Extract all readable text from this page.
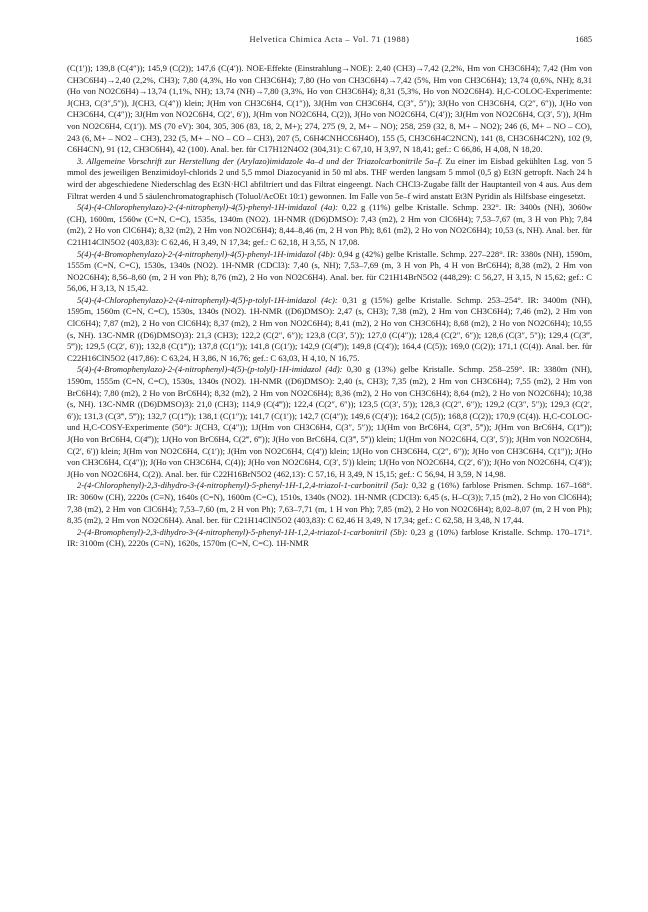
Helvetica Chimica Acta – Vol. 71 (1988)	1685

(C(1′)); 139,8 (C(4″)); 145,9 (C(2)); 147,6 (C(4′)). NOE-Effekte (Einstrahlung→NOE): 2,40 (CH3)→7,42 (2,2%, Hm von CH3C6H4); 7,42 (Hm von CH3C6H4)→2,40 (2,2%, CH3); 7,80 (4,3%, Ho von CH3C6H4); 7,80 (Ho von CH3C6H4)→7,42 (5%, Hm von CH3C6H4); 13,74 (0,6%, NH); 8,31 (Ho von NO2C6H4)→13,74 (1,1%, NH); 13,74 (NH)→7,80 (3,3%, Ho von CH3C6H4); 8,31 (5,3%, Ho von NO2C6H4). H,C-COLOC-Experimente: J(CH3, C(3″,5″)), J(CH3, C(4″)) klein; J(Hm von CH3C6H4, C(1″)), 3J(Hm von CH3C6H4, C(3″, 5″)); 3J(Ho von CH3C6H4, C(2″, 6″)), J(Ho von CH3C6H4, C(4″)); 3J(Hm von NO2C6H4, C(2′, 6′)), J(Hm von NO2C6H4, C(2)), J(Ho von NO2C6H4, C(4′)); 3J(Hm von NO2C6H4, C(3′, 5′)), J(Hm von NO2C6H4, C(1′)). MS (70 eV): 304, 305, 306 (83, 18, 2, M+); 274, 275 (9, 2, M+ – NO); 258, 259 (32, 8, M+ – NO2); 246 (6, M+ – NO – CO), 243 (6, M+ – NO2 – CH3), 232 (5, M+ – NO – CO – CH3), 207 (5, C6H4CNHCC6H4O), 155 (5, CH3C6H4C2NCN), 141 (8, CH3C6H4C2N), 102 (9, C6H4CN), 91 (12, CH3C6H4), 42 (100). Anal. ber. für C17H12N4O2 (304,31): C 67,10, H 3,97, N 18,41; gef.: C 66,86, H 4,08, N 18,20.

3. Allgemeine Vorschrift zur Herstellung der (Arylazo)imidazole 4a–d und der Triazolcarbonitrile 5a–f. Zu einer im Eisbad gekühlten Lsg. von 5 mmol des jeweiligen Benzimidoyl-chlorids 2 und 5,5 mmol Diazocyanid in 50 ml abs. THF werden langsam 5 mmol (0,5 g) Et3N getropft. Nach 24 h wird der abgeschiedene Niederschlag des Et3N·HCl abfiltriert und das Filtrat eingeengt. Nach CHCl3-Zugabe fällt der Hauptanteil von 4 aus. Aus dem Filtrat werden 4 und 5 säulenchromatographisch (Toluol/AcOEt 10:1) gewonnen. Im Falle von 5e–f wird anstatt Et3N Pyridin als Hilfsbase eingesetzt.

5(4)-(4-Chlorophenylazo)-2-(4-nitrophenyl)-4(5)-phenyl-1H-imidazol (4a): 0,22 g (11%) gelbe Kristalle. Schmp. 232°. IR: 3400s (NH), 3060w (CH), 1600m, 1560w (C=N, C=C), 1535s, 1340m (NO2). 1H-NMR ((D6)DMSO): 7,43 (m2), 2 Hm von ClC6H4); 7,53–7,67 (m, 3 H von Ph); 7,84 (m2), 2 Ho von ClC6H4); 8,32 (m2), 2 Hm von NO2C6H4); 8,44–8,46 (m, 2 H von Ph); 8,61 (m2), 2 Ho von NO2C6H4); 10,53 (s, NH). Anal. ber. für C21H14ClN5O2 (403,83): C 62,46, H 3,49, N 17,34; gef.: C 62,18, H 3,55, N 17,08.

5(4)-(4-Bromophenylazo)-2-(4-nitrophenyl)-4(5)-phenyl-1H-imidazol (4b): 0,94 g (42%) gelbe Kristalle. Schmp. 227–228°. IR: 3380s (NH), 1590m, 1555m (C=N, C=C), 1530s, 1340s (NO2). 1H-NMR (CDCl3): 7,40 (s, NH); 7,53–7,69 (m, 3 H von Ph, 4 H von BrC6H4); 8,38 (m2), 2 Hm von NO2C6H4); 8,56–8,60 (m, 2 H von Ph); 8,76 (m2), 2 Ho von NO2C6H4). Anal. ber. für C21H14BrN5O2 (448,29): C 56,27, H 3,15, N 15,62; gef.: C 56,06, H 3,13, N 15,42.

5(4)-(4-Chlorophenylazo)-2-(4-nitrophenyl)-4(5)-p-tolyl-1H-imidazol (4c): 0,31 g (15%) gelbe Kristalle. Schmp. 253–254°. IR: 3400m (NH), 1595m, 1560m (C=N, C=C), 1530s, 1340s (NO2). 1H-NMR ((D6)DMSO): 2,47 (s, CH3); 7,38 (m2), 2 Hm von CH3C6H4); 7,46 (m2), 2 Hm von ClC6H4); 7,87 (m2), 2 Ho von ClC6H4); 8,37 (m2), 2 Hm von NO2C6H4); 8,41 (m2), 2 Ho von CH3C6H4); 8,68 (m2), 2 Ho von NO2C6H4); 10,55 (s, NH). 13C-NMR ((D6)DMSO)3): 21,3 (CH3); 122,2 (C(2″, 6″)); 123,8 (C(3′, 5′)); 127,0 (C(4″)); 128,4 (C(2″, 6″)); 128,6 (C(3″, 5″)); 129,4 (C(3‴, 5‴)); 129,5 (C(2′, 6′)); 132,8 (C(1‴)); 137,8 (C(1″)); 141,8 (C(1′)); 142,9 (C(4‴)); 149,8 (C(4′)); 164,4 (C(5)); 169,0 (C(2)); 171,1 (C(4)). Anal. ber. für C22H16ClN5O2 (417,86): C 63,24, H 3,86, N 16,76; gef.: C 63,03, H 4,10, N 16,75.

5(4)-(4-Bromophenylazo)-2-(4-nitrophenyl)-4(5)-(p-tolyl)-1H-imidazol (4d): 0,30 g (13%) gelbe Kristalle. Schmp. 258–259°. IR: 3380m (NH), 1590m, 1555m (C=N, C=C), 1530s, 1340s (NO2). 1H-NMR ((D6)DMSO): 2,40 (s, CH3); 7,35 (m2), 2 Hm von CH3C6H4); 7,55 (m2), 2 Hm von BrC6H4); 7,80 (m2), 2 Ho von BrC6H4); 8,32 (m2), 2 Hm von NO2C6H4); 8,36 (m2), 2 Ho von CH3C6H4); 8,64 (m2), 2 Ho von NO2C6H4); 10,38 (s, NH). 13C-NMR ((D6)DMSO)3): 21,0 (CH3); 114,9 (C(4‴)); 122,4 (C(2″, 6″)); 123,5 (C(3′, 5′)); 128,3 (C(2″, 6″)); 129,2 (C(3″, 5″)); 129,3 (C(2′, 6′)); 131,3 (C(3‴, 5‴)); 132,7 (C(1‴)); 138,1 (C(1″)); 141,7 (C(1′)); 142,7 (C(4″)); 149,6 (C(4′)); 164,2 (C(5)); 168,8 (C(2)); 170,9 (C(4)). H,C-COLOC- und H,C-COSY-Experimente (50°): J(CH3, C(4″)); 1J(Hm von CH3C6H4, C(3″, 5″)); 1J(Hm von BrC6H4, C(3‴, 5‴)); J(Hm von BrC6H4, C(1‴)); J(Ho von BrC6H4, C(4‴)); 1J(Ho von BrC6H4, C(2‴, 6‴)); J(Ho von BrC6H4, C(3‴, 5‴)) klein; 1J(Hm von NO2C6H4, C(3′, 5′)); J(Hm von NO2C6H4, C(2′, 6′)) klein; J(Hm von NO2C6H4, C(1′)); J(Hm von NO2C6H4, C(4′)) klein; 1J(Ho von CH3C6H4, C(2″, 6″)); J(Ho von CH3C6H4, C(1″)); J(Ho von CH3C6H4, C(4″)); J(Ho von CH3C6H4, C(4)); J(Ho von NO2C6H4, C(3′, 5′)) klein; 1J(Ho von NO2C6H4, C(2′, 6′)); J(Ho von NO2C6H4, C(4′)); J(Ho von NO2C6H4, C(2)). Anal. ber. für C22H16BrN5O2 (462,13): C 57,16, H 3,49, N 15,15; gef.: C 56,94, H 3,59, N 14,98.

2-(4-Chlorophenyl)-2,3-dihydro-3-(4-nitrophenyl)-5-phenyl-1H-1,2,4-triazol-1-carbonitril (5a): 0,32 g (16%) farblose Prismen. Schmp. 167–168°. IR: 3060w (CH), 2220s (C≡N), 1640s (C=N), 1600m (C=C), 1510s, 1340s (NO2). 1H-NMR (CDCl3): 6,45 (s, H–C(3)); 7,15 (m2), 2 Ho von ClC6H4); 7,38 (m2), 2 Hm von ClC6H4); 7,53–7,60 (m, 2 H von Ph); 7,63–7,71 (m, 1 H von Ph); 7,85 (m2), 2 Ho von NO2C6H4); 8,02–8,07 (m, 2 H von Ph); 8,35 (m2), 2 Hm von NO2C6H4). Anal. ber. für C21H14ClN5O2 (403,83): C 62,46 H 3,49, N 17,34; gef.: C 62,58, H 3,48, N 17,44.

2-(4-Bromophenyl)-2,3-dihydro-3-(4-nitrophenyl)-5-phenyl-1H-1,2,4-triazol-1-carbonitril (5b): 0,23 g (10%) farblose Kristalle. Schmp. 170–171°. IR: 3100m (CH), 2220s (C≡N), 1620s, 1570m (C=N, C=C). 1H-NMR
